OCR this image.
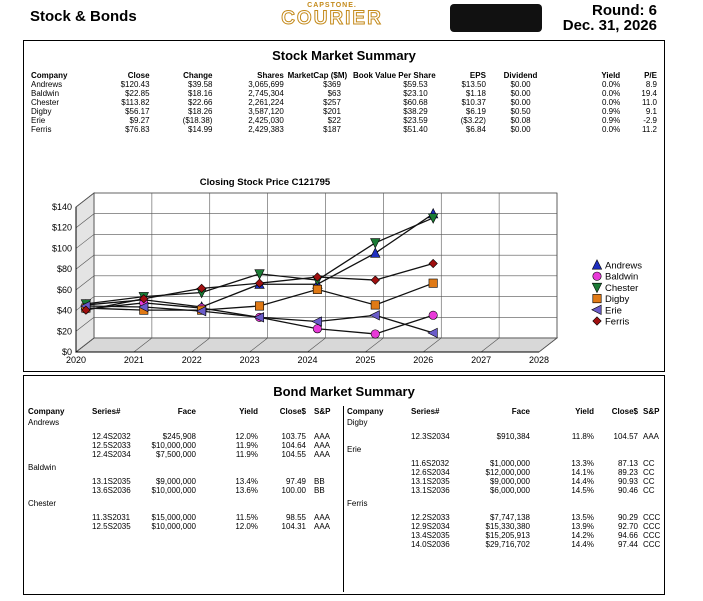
Stock & Bonds
CAPSTONE.
COURIER	Round: 6
Dec. 31, 2026
Stock Market Summary
Company	Close	Change	Shares	MarketCap ($M)	Book Value Per Share	EPS	Dividend	Yield	P/E
Andrews	$120.43	$39.58	3,065,699	$369	$59.53	$13.50	$0.00	0.0%	8.9
Baldwin	$22.85	$18.16	2,745,304	$63	$23.10	$1.18	$0.00	0.0%	19.4
Chester	$113.82	$22.66	2,261,224	$257	$60.68	$10.37	$0.00	0.0%	11.0
Digby	$56.17	$18.26	3,587,120	$201	$38.29	$6.19	$0.50	0.9%	9.1
Erie	$9.27	($18.38)	2,425,030	$22	$23.59	($3.22)	$0.08	0.9%	-2.9
Ferris	$76.83	$14.99	2,429,383	$187	$51.40	$6.84	$0.00	0.0%	11.2
Closing Stock Price C121795
$0
$20
$40
$60
$80
$100
$120
$140
2020	2021	2022	2023	2024	2025	2026	2027	2028
Andrews
Baldwin
Chester
Digby
Erie
Ferris
Bond Market Summary
Company	Series#	Face	Yield	Close$ S&P
Andrews
12.4S2032	$245,908	12.0%	103.75 AAA
12.5S2033	$10,000,000	11.9%	104.64 AAA
12.4S2034	$7,500,000	11.9%	104.55 AAA
Baldwin
13.1S2035	$9,000,000	13.4%	97.49 BB
13.6S2036	$10,000,000	13.6%	100.00 BB
Chester
11.3S2031	$15,000,000	11.5%	98.55 AAA
12.5S2035	$10,000,000	12.0%	104.31 AAA
Company	Series#	Face	Yield Close$ S&P
Digby
12.3S2034	$910,384	11.8% 104.57 AAA
Erie
11.6S2032	$1,000,000	13.3%	87.13 CC
12.6S2034	$12,000,000	14.1%	89.23 CC
13.1S2035	$9,000,000	14.4%	90.93 CC
13.1S2036	$6,000,000	14.5%	90.46 CC
Ferris
12.2S2033	$7,747,138	13.5%	90.29 CCC
12.9S2034	$15,330,380	13.9%	92.70 CCC
13.4S2035	$15,205,913	14.2%	94.66 CCC
14.0S2036	$29,716,702	14.4%	97.44 CCC
